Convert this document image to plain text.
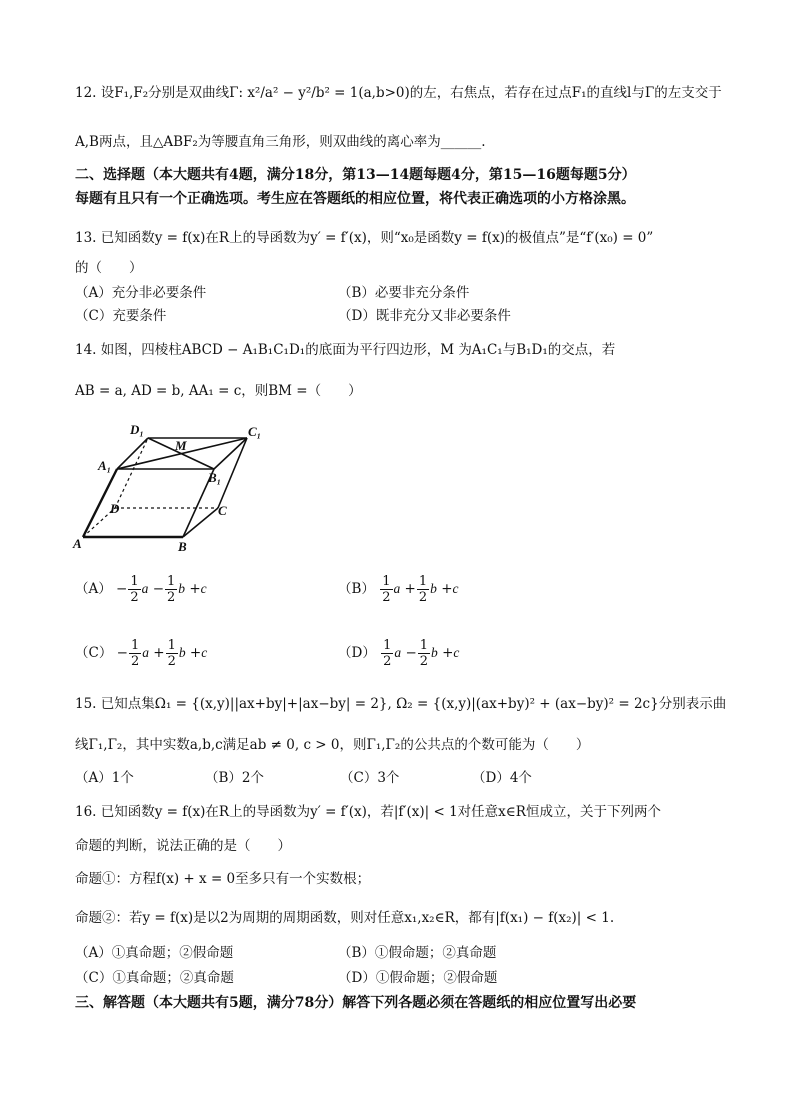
12. 设F₁,F₂分别是双曲线Γ: x²/a² − y²/b² = 1(a,b>0)的左，右焦点，若存在过点F₁的直线l与Γ的左支交于
A,B两点，且△ABF₂为等腰直角三角形，则双曲线的离心率为______.
二、选择题（本大题共有4题，满分18分，第13—14题每题4分，第15—16题每题5分）
每题有且只有一个正确选项。考生应在答题纸的相应位置，将代表正确选项的小方格涂黑。
13. 已知函数y = f(x)在R上的导函数为y′ = f′(x)，则“x₀是函数y = f(x)的极值点”是“f′(x₀) = 0”
的（　　）
（A）充分非必要条件	（B）必要非充分条件
（C）充要条件	（D）既非充分又非必要条件
14. 如图，四棱柱ABCD − A₁B₁C₁D₁的底面为平行四边形，M 为A₁C₁与B₁D₁的交点，若
AB = a, AD = b, AA₁ = c，则BM =（　　）
D₁
M
C₁
A₁
B₁
D	C
A	B
$(A) - \frac{1}{2}$ $a - \frac{1}{2}$ b +c	$(B) \frac{1}{2}$ $a + \frac{1}{2}$ b +c
$(C) - \frac{1}{2}$ $a + \frac{1}{2}$ b +c	$(D) \frac{1}{2}$ $a - \frac{1}{2}$ b +c
15. 已知点集Ω₁ = {(x,y)||ax+by|+|ax−by| = 2}, Ω₂ = {(x,y)|(ax+by)² + (ax−by)² = 2c}分别表示曲
线Γ₁,Γ₂，其中实数a,b,c满足ab ≠ 0, c > 0，则Γ₁,Γ₂的公共点的个数可能为（　　）
（A）1个	（B）2个	（C）3个	（D）4个
16. 已知函数y = f(x)在R上的导函数为y′ = f′(x)，若|f′(x)| < 1对任意x∈R恒成立，关于下列两个
命题的判断，说法正确的是（　　）
命题①：方程f(x) + x = 0至多只有一个实数根；
命题②：若y = f(x)是以2为周期的周期函数，则对任意x₁,x₂∈R，都有|f(x₁) − f(x₂)| < 1.
（A）①真命题；②假命题	（B）①假命题；②真命题
（C）①真命题；②真命题	（D）①假命题；②假命题
三、解答题（本大题共有5题，满分78分）解答下列各题必须在答题纸的相应位置写出必要
